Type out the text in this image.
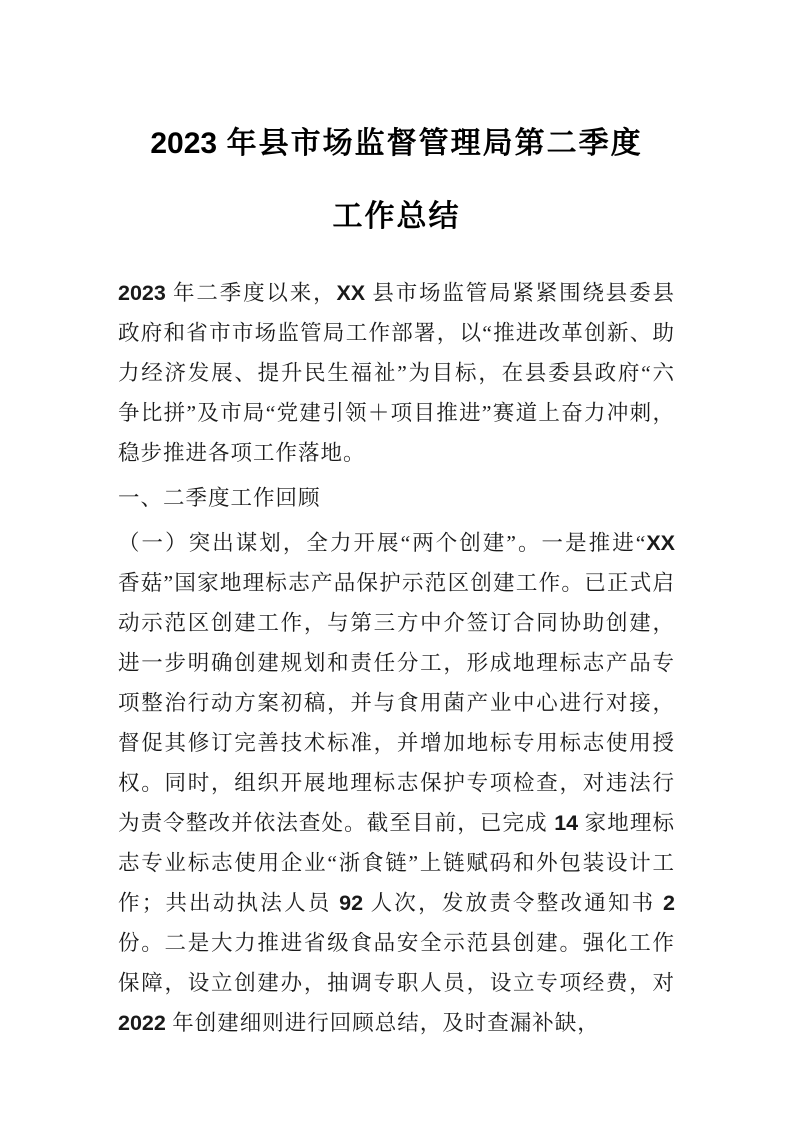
2023 年县市场监督管理局第二季度
工作总结

2023 年二季度以来，XX 县市场监管局紧紧围绕县委县政府和省市市场监管局工作部署，以“推进改革创新、助力经济发展、提升民生福祉”为目标，在县委县政府“六争比拼”及市局“党建引领＋项目推进”赛道上奋力冲刺，稳步推进各项工作落地。

一、二季度工作回顾

（一）突出谋划，全力开展“两个创建”。一是推进“XX 香菇”国家地理标志产品保护示范区创建工作。已正式启动示范区创建工作，与第三方中介签订合同协助创建，进一步明确创建规划和责任分工，形成地理标志产品专项整治行动方案初稿，并与食用菌产业中心进行对接，督促其修订完善技术标准，并增加地标专用标志使用授权。同时，组织开展地理标志保护专项检查，对违法行为责令整改并依法查处。截至目前，已完成 14 家地理标志专业标志使用企业“浙食链”上链赋码和外包装设计工作；共出动执法人员 92 人次，发放责令整改通知书 2 份。二是大力推进省级食品安全示范县创建。强化工作保障，设立创建办，抽调专职人员，设立专项经费，对 2022 年创建细则进行回顾总结，及时查漏补缺，
